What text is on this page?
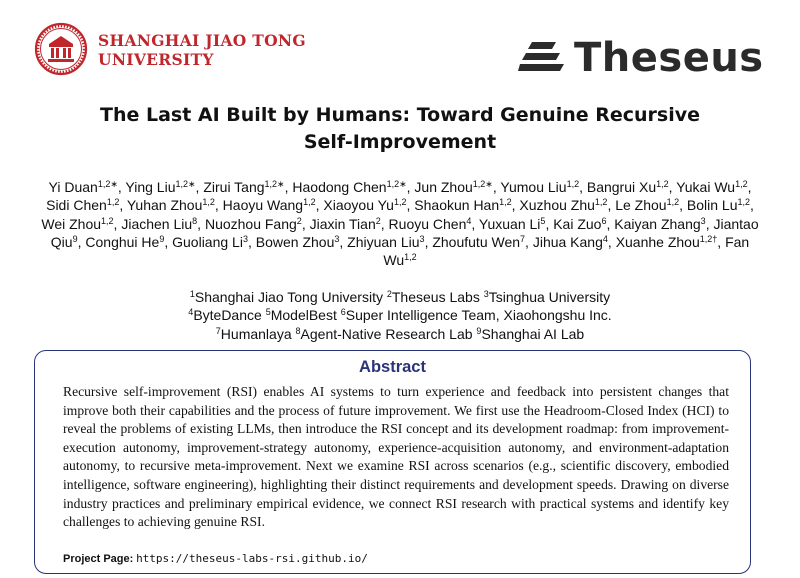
SHANGHAI JIAO TONG
UNIVERSITY	Theseus
The Last AI Built by Humans: Toward Genuine Recursive
Self-Improvement
Yi Duan$^{1,2∗}$, Ying Liu$^{1,2∗}$, Zirui Tang$^{1,2∗}$, Haodong Chen$^{1,2∗}$, Jun Zhou$^{1,2∗}$, Yumou Liu$^{1,2}$, Bangrui Xu$^{1,2}$, Yukai Wu$^{1,2}$, Sidi Chen$^{1,2}$, Yuhan Zhou$^{1,2}$, Haoyu Wang$^{1,2}$, Xiaoyou Yu$^{1,2}$, Shaokun Han$^{1,2}$, Xuzhou Zhu$^{1,2}$, Le Zhou$^{1,2}$, Bolin Lu$^{1,2}$, Wei Zhou$^{1,2}$, Jiachen Liu$^8$, Nuozhou Fang$^2$, Jiaxin Tian$^2$, Ruoyu Chen$^4$, Yuxuan Li$^5$, Kai Zuo$^6$, Kaiyan Zhang$^3$, Jiantao Qiu$^9$, Conghui He$^9$, Guoliang Li$^3$, Bowen Zhou$^3$, Zhiyuan Liu$^3$, Zhoufutu Wen$^7$, Jihua Kang$^4$, Xuanhe Zhou$^{1,2\dagger}$, Fan Wu$^{1,2}$
$^1$Shanghai Jiao Tong University $^2$Theseus Labs $^3$Tsinghua University
$^4$ByteDance $^5$ModelBest $^6$Super Intelligence Team, Xiaohongshu Inc.
$^7$Humanlaya $^8$Agent-Native Research Lab $^9$Shanghai AI Lab
Abstract
Recursive self-improvement (RSI) enables AI systems to turn experience and feedback into persistent changes that improve both their capabilities and the process of future improvement. We first use the Headroom-Closed Index (HCI) to reveal the problems of existing LLMs, then introduce the RSI concept and its development roadmap: from improvement-execution autonomy, improvement-strategy autonomy, experience-acquisition autonomy, and environment-adaptation autonomy, to recursive meta-improvement. Next we examine RSI across scenarios (e.g., scientific discovery, embodied intelligence, software engineering), highlighting their distinct requirements and development speeds. Drawing on diverse industry practices and preliminary empirical evidence, we connect RSI research with practical systems and identify key challenges to achieving genuine RSI.
Project Page: https://theseus-labs-rsi.github.io/
